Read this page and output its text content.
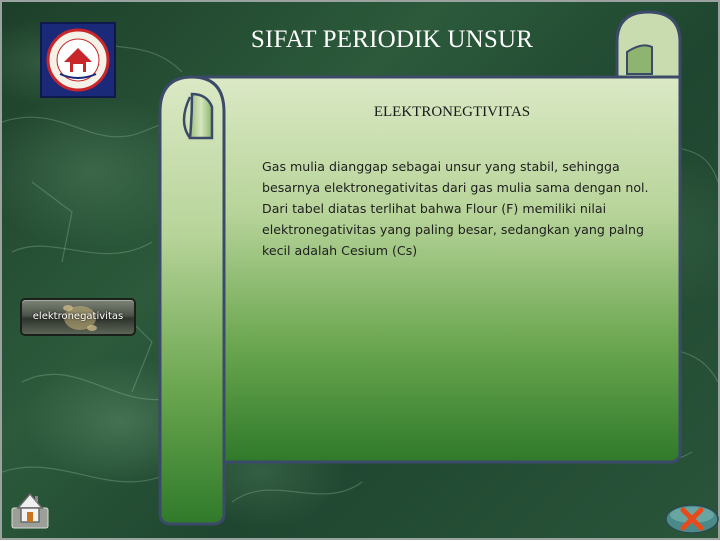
SIFAT PERIODIK UNSUR
ELEKTRONEGTIVITAS
Gas mulia dianggap sebagai unsur yang stabil, sehingga besarnya elektronegativitas dari gas mulia sama dengan nol. Dari tabel diatas terlihat bahwa Flour (F) memiliki nilai elektronegativitas yang paling besar, sedangkan yang palng kecil adalah Cesium (Cs)
elektronegativitas
